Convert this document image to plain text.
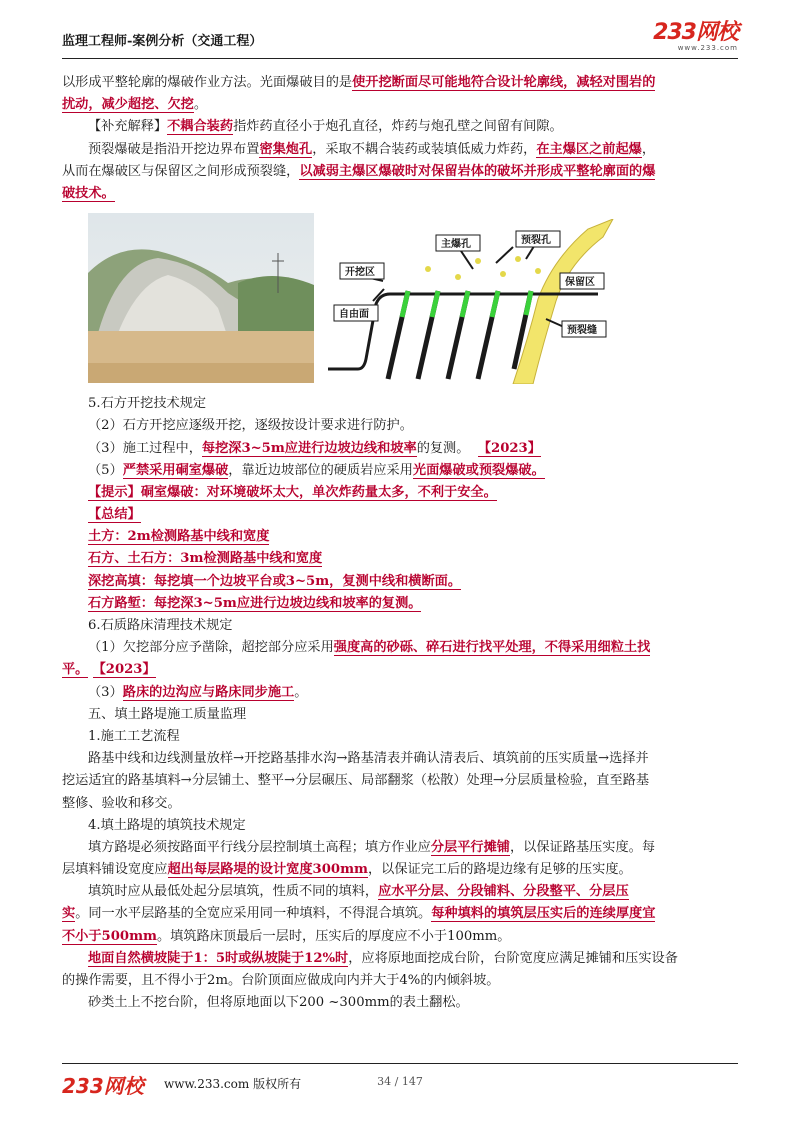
监理工程师-案例分析（交通工程）	233网校
www.233.com
以形成平整轮廓的爆破作业方法。光面爆破目的是使开挖断面尽可能地符合设计轮廓线，减轻对围岩的
扰动，减少超挖、欠挖。
【补充解释】不耦合装药指炸药直径小于炮孔直径，炸药与炮孔壁之间留有间隙。
预裂爆破是指沿开挖边界布置密集炮孔，采取不耦合装药或装填低威力炸药，在主爆区之前起爆，
从而在爆破区与保留区之间形成预裂缝，以减弱主爆区爆破时对保留岩体的破坏并形成平整轮廓面的爆
破技术。
主爆孔	预裂孔
开挖区
保留区
自由面
预裂缝
5.石方开挖技术规定
（2）石方开挖应逐级开挖，逐级按设计要求进行防护。
（3）施工过程中，每挖深3~5m应进行边坡边线和坡率的复测。 【2023】
（5）严禁采用硐室爆破，靠近边坡部位的硬质岩应采用光面爆破或预裂爆破。
【提示】硐室爆破：对环境破坏太大，单次炸药量太多，不利于安全。
【总结】
土方：2m检测路基中线和宽度
石方、土石方：3m检测路基中线和宽度
深挖高填：每挖填一个边坡平台或3~5m，复测中线和横断面。
石方路堑：每挖深3~5m应进行边坡边线和坡率的复测。
6.石质路床清理技术规定
（1）欠挖部分应予凿除，超挖部分应采用强度高的砂砾、碎石进行找平处理，不得采用细粒土找
平。 【2023】
（3）路床的边沟应与路床同步施工。
五、填土路堤施工质量监理
1.施工工艺流程
路基中线和边线测量放样→开挖路基排水沟→路基清表并确认清表后、填筑前的压实质量→选择并
挖运适宜的路基填料→分层铺土、整平→分层碾压、局部翻浆（松散）处理→分层质量检验，直至路基
整修、验收和移交。
4.填土路堤的填筑技术规定
填方路堤必须按路面平行线分层控制填土高程；填方作业应分层平行摊铺，以保证路基压实度。每
层填料铺设宽度应超出每层路堤的设计宽度300mm，以保证完工后的路堤边缘有足够的压实度。
填筑时应从最低处起分层填筑，性质不同的填料，应水平分层、分段铺料、分段整平、分层压
实。同一水平层路基的全宽应采用同一种填料，不得混合填筑。每种填料的填筑层压实后的连续厚度宜
不小于500mm。填筑路床顶最后一层时，压实后的厚度应不小于100mm。
地面自然横坡陡于1：5时或纵坡陡于12%时，应将原地面挖成台阶，台阶宽度应满足摊铺和压实设备
的操作需要，且不得小于2m。台阶顶面应做成向内并大于4%的内倾斜坡。
砂类土上不挖台阶，但将原地面以下200 ~300mm的表土翻松。
233网校 www.233.com 版权所有	34 / 147
